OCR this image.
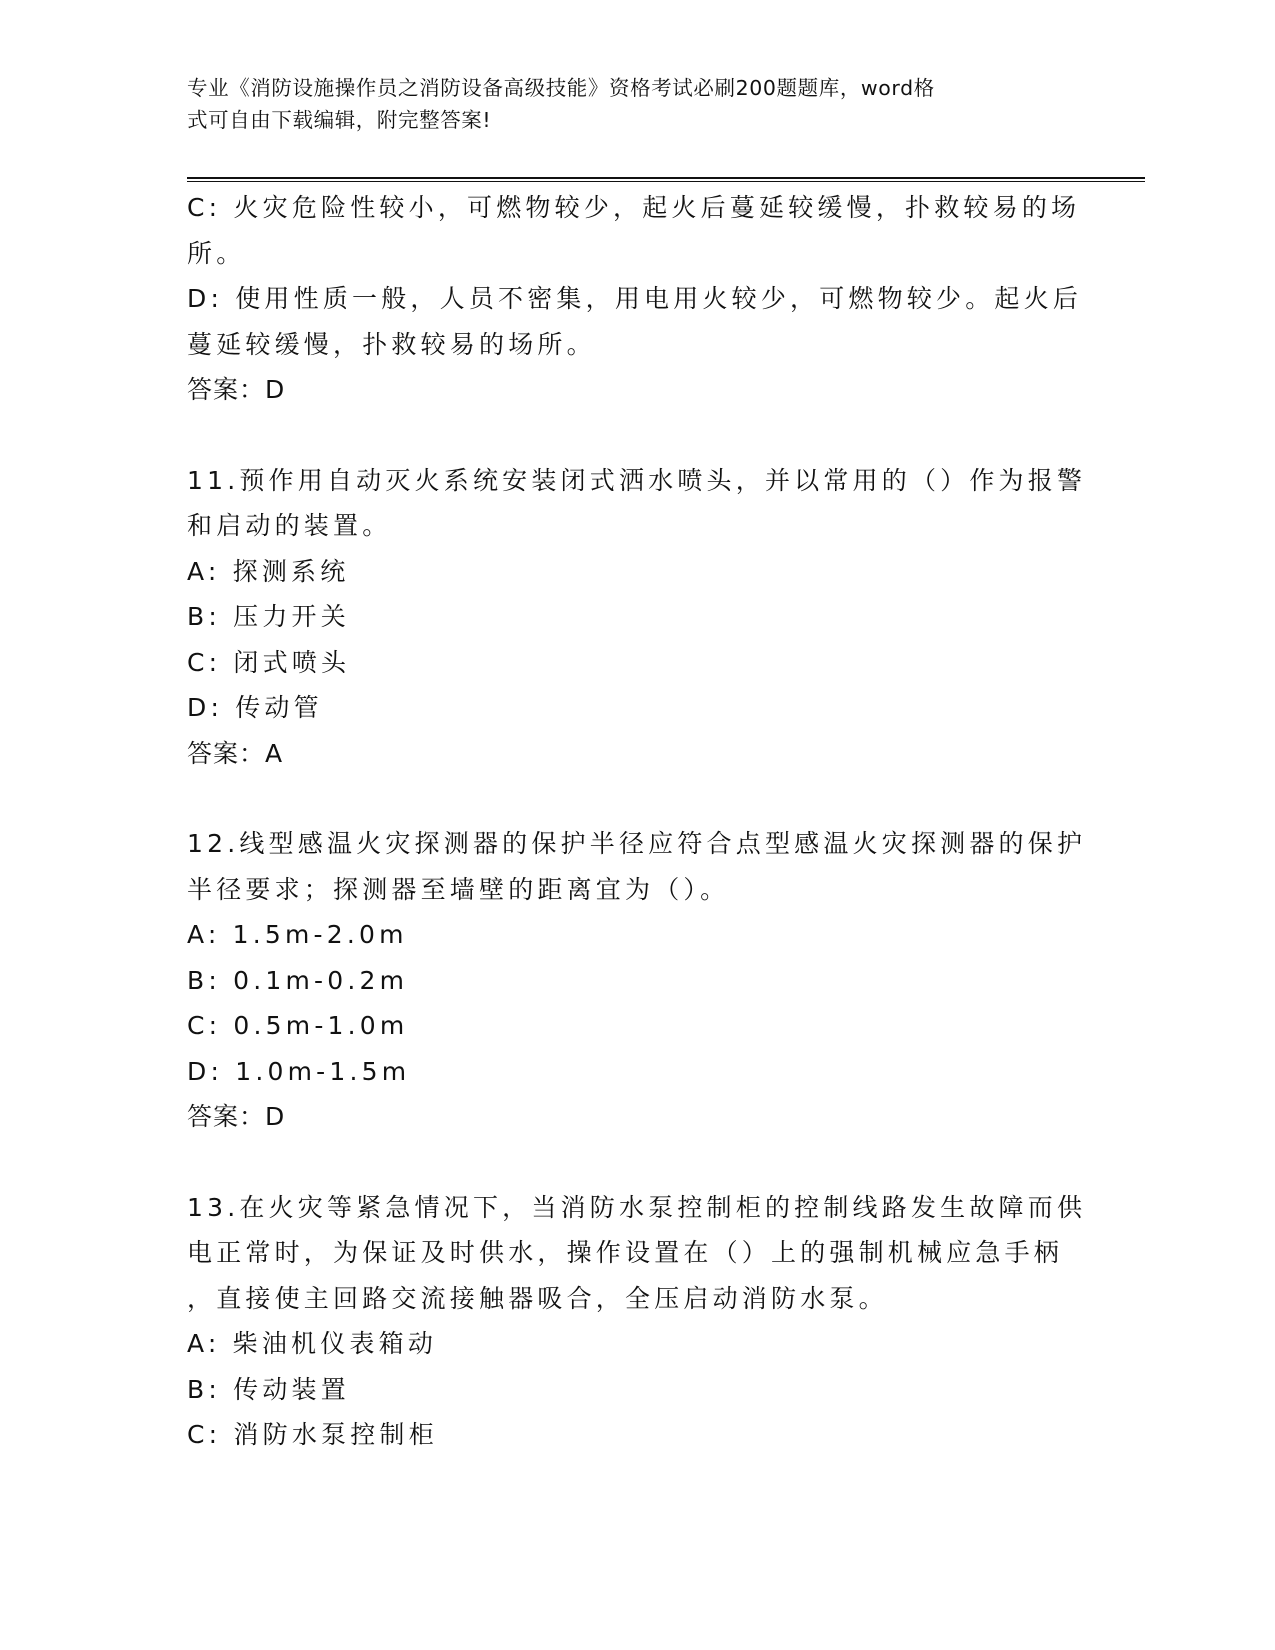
专业《消防设施操作员之消防设备高级技能》资格考试必刷200题题库，word格
式可自由下载编辑，附完整答案!
C: 火灾危险性较小，可燃物较少，起火后蔓延较缓慢，扑救较易的场
所。
D: 使用性质一般，人员不密集，用电用火较少，可燃物较少。起火后
蔓延较缓慢，扑救较易的场所。
答案：D
11.预作用自动灭火系统安装闭式洒水喷头，并以常用的（）作为报警
和启动的装置。
A: 探测系统
B: 压力开关
C: 闭式喷头
D: 传动管
答案：A
12.线型感温火灾探测器的保护半径应符合点型感温火灾探测器的保护
半径要求；探测器至墙壁的距离宜为（）。
A: 1.5m-2.0m
B: 0.1m-0.2m
C: 0.5m-1.0m
D: 1.0m-1.5m
答案：D
13.在火灾等紧急情况下，当消防水泵控制柜的控制线路发生故障而供
电正常时，为保证及时供水，操作设置在（）上的强制机械应急手柄
，直接使主回路交流接触器吸合，全压启动消防水泵。
A: 柴油机仪表箱动
B: 传动装置
C: 消防水泵控制柜
